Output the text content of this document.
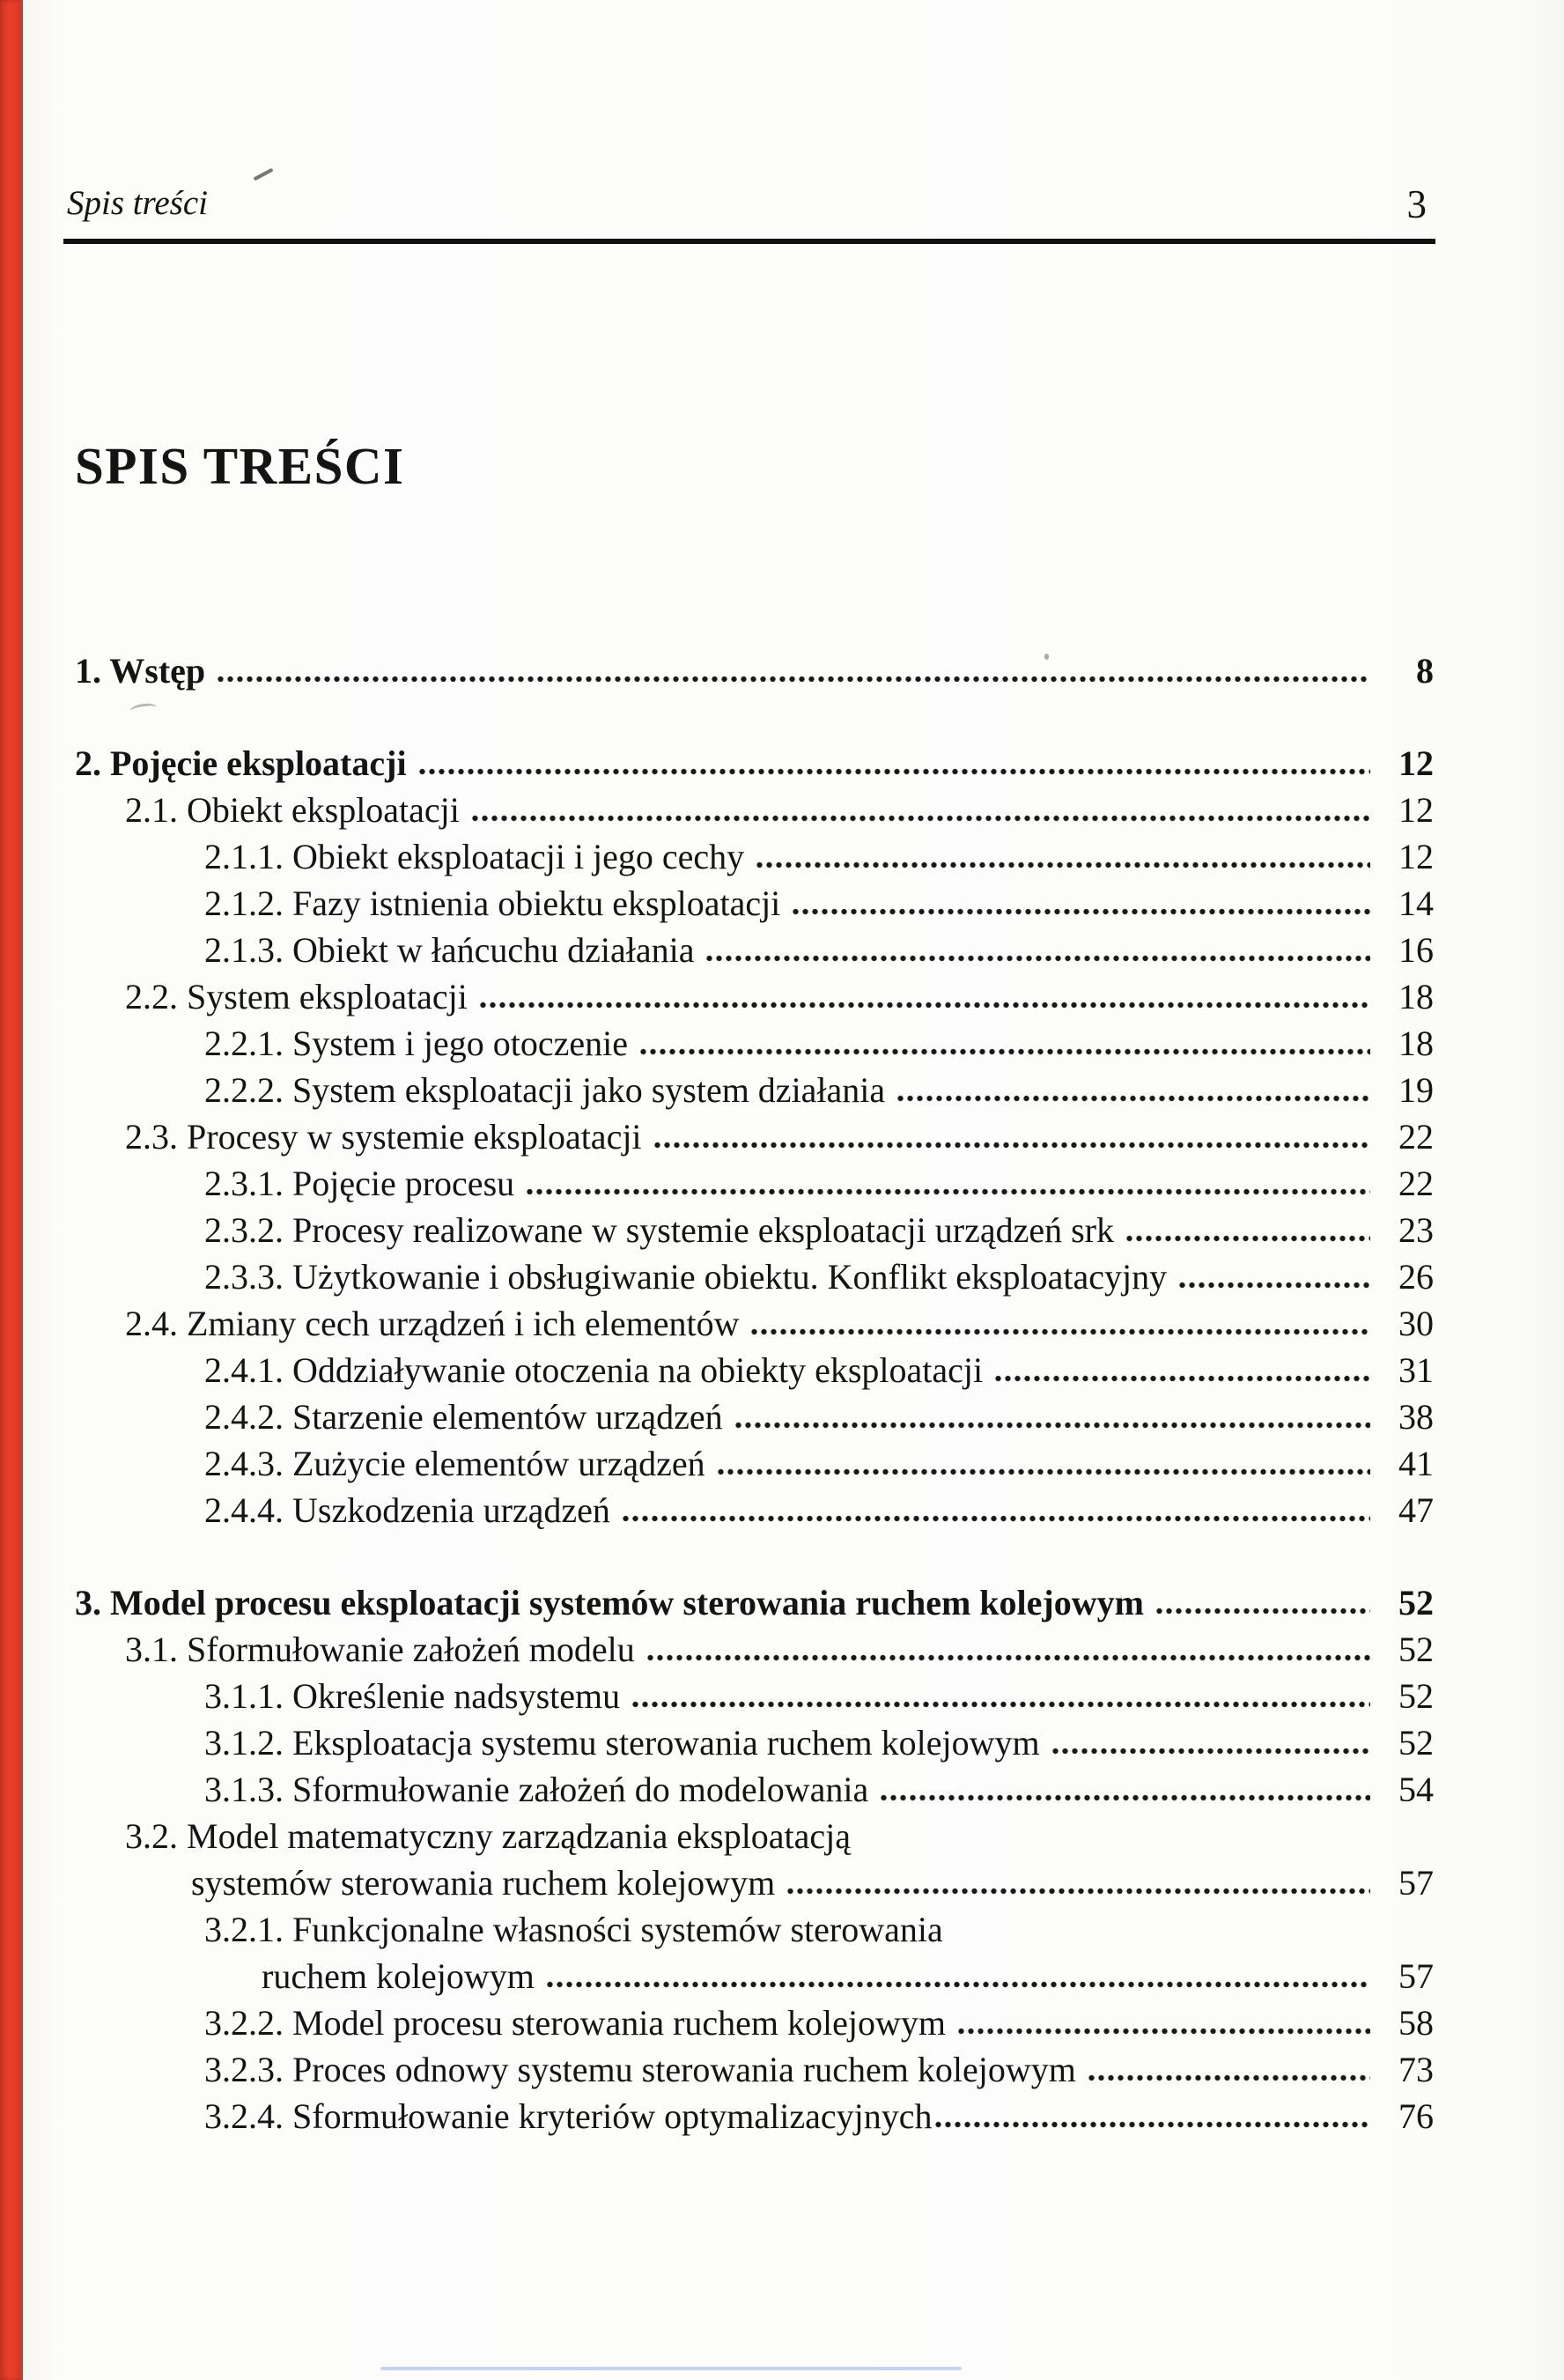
Spis treści	3
SPIS TREŚCI
1. Wstęp	8
2. Pojęcie eksploatacji	12
2.1. Obiekt eksploatacji	12
2.1.1. Obiekt eksploatacji i jego cechy	12
2.1.2. Fazy istnienia obiektu eksploatacji	14
2.1.3. Obiekt w łańcuchu działania	16
2.2. System eksploatacji	18
2.2.1. System i jego otoczenie	18
2.2.2. System eksploatacji jako system działania	19
2.3. Procesy w systemie eksploatacji	22
2.3.1. Pojęcie procesu	22
2.3.2. Procesy realizowane w systemie eksploatacji urządzeń srk	23
2.3.3. Użytkowanie i obsługiwanie obiektu. Konflikt eksploatacyjny	26
2.4. Zmiany cech urządzeń i ich elementów	30
2.4.1. Oddziaływanie otoczenia na obiekty eksploatacji	31
2.4.2. Starzenie elementów urządzeń	38
2.4.3. Zużycie elementów urządzeń	41
2.4.4. Uszkodzenia urządzeń	47
3. Model procesu eksploatacji systemów sterowania ruchem kolejowym	52
3.1. Sformułowanie założeń modelu	52
3.1.1. Określenie nadsystemu	52
3.1.2. Eksploatacja systemu sterowania ruchem kolejowym	52
3.1.3. Sformułowanie założeń do modelowania	54
3.2. Model matematyczny zarządzania eksploatacją
systemów sterowania ruchem kolejowym	57
3.2.1. Funkcjonalne własności systemów sterowania
ruchem kolejowym	57
3.2.2. Model procesu sterowania ruchem kolejowym	58
3.2.3. Proces odnowy systemu sterowania ruchem kolejowym	73
3.2.4. Sformułowanie kryteriów optymalizacyjnych	76
